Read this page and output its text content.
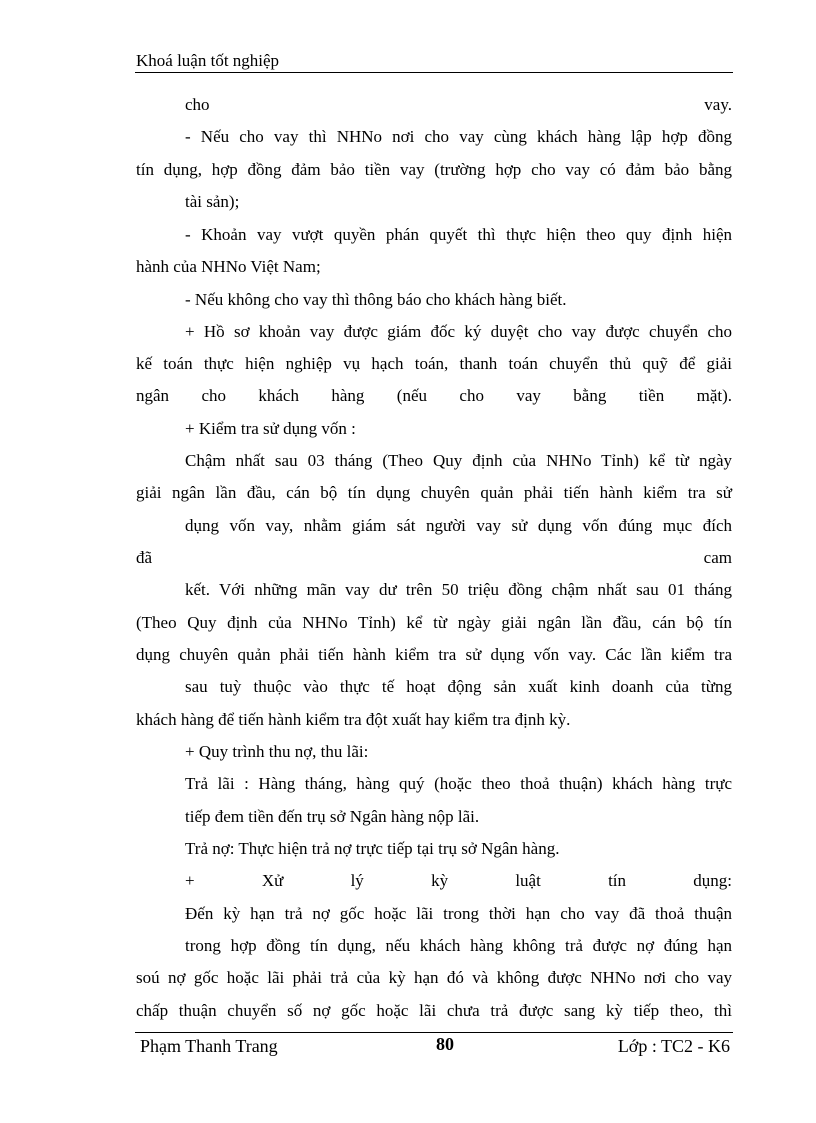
Khoá luận tốt nghiệp
cho vay.
- Nếu cho vay thì NHNo nơi cho vay cùng khách hàng lập hợp đồng
tín dụng, hợp đồng đảm bảo tiền vay (trường hợp cho vay có đảm bảo bằng
tài sản);
- Khoản vay vượt quyền phán quyết thì thực hiện theo quy định hiện
hành của NHNo Việt Nam;
- Nếu không cho vay thì thông báo cho khách hàng biết.
+ Hồ sơ khoản vay được giám đốc ký duyệt cho vay được chuyển cho
kế toán thực hiện nghiệp vụ hạch toán, thanh toán chuyển thủ quỹ để giải
ngân cho khách hàng (nếu cho vay bằng tiền mặt).
+ Kiểm tra sử dụng vốn :
Chậm nhất sau 03 tháng (Theo Quy định của NHNo Tỉnh) kể từ ngày
giải ngân lần đầu, cán bộ tín dụng chuyên quản phải tiến hành kiểm tra sử
dụng vốn vay, nhằm giám sát người vay sử dụng vốn đúng mục đích
đã cam
kết. Với những mãn vay dư trên 50 triệu đồng chậm nhất sau 01 tháng
(Theo Quy định của NHNo Tỉnh) kể từ ngày giải ngân lần đầu, cán bộ tín
dụng chuyên quản phải tiến hành kiểm tra sử dụng vốn vay. Các lần kiểm tra
sau tuỳ thuộc vào thực tế hoạt động sản xuất kinh doanh của từng
khách hàng để tiến hành kiểm tra đột xuất hay kiểm tra định kỳ.
+ Quy trình thu nợ, thu lãi:
Trả lãi : Hàng tháng, hàng quý (hoặc theo thoả thuận) khách hàng trực
tiếp đem tiền đến trụ sở Ngân hàng nộp lãi.
Trả nợ: Thực hiện trả nợ trực tiếp tại trụ sở Ngân hàng.
+ Xử lý kỳ luật tín dụng:
Đến kỳ hạn trả nợ gốc hoặc lãi trong thời hạn cho vay đã thoả thuận
trong hợp đồng tín dụng, nếu khách hàng không trả được nợ đúng hạn
soú nợ gốc hoặc lãi phải trả của kỳ hạn đó và không được NHNo nơi cho vay
chấp thuận chuyển số nợ gốc hoặc lãi chưa trả được sang kỳ tiếp theo, thì
Phạm Thanh Trang	80	Lớp : TC2 - K6
